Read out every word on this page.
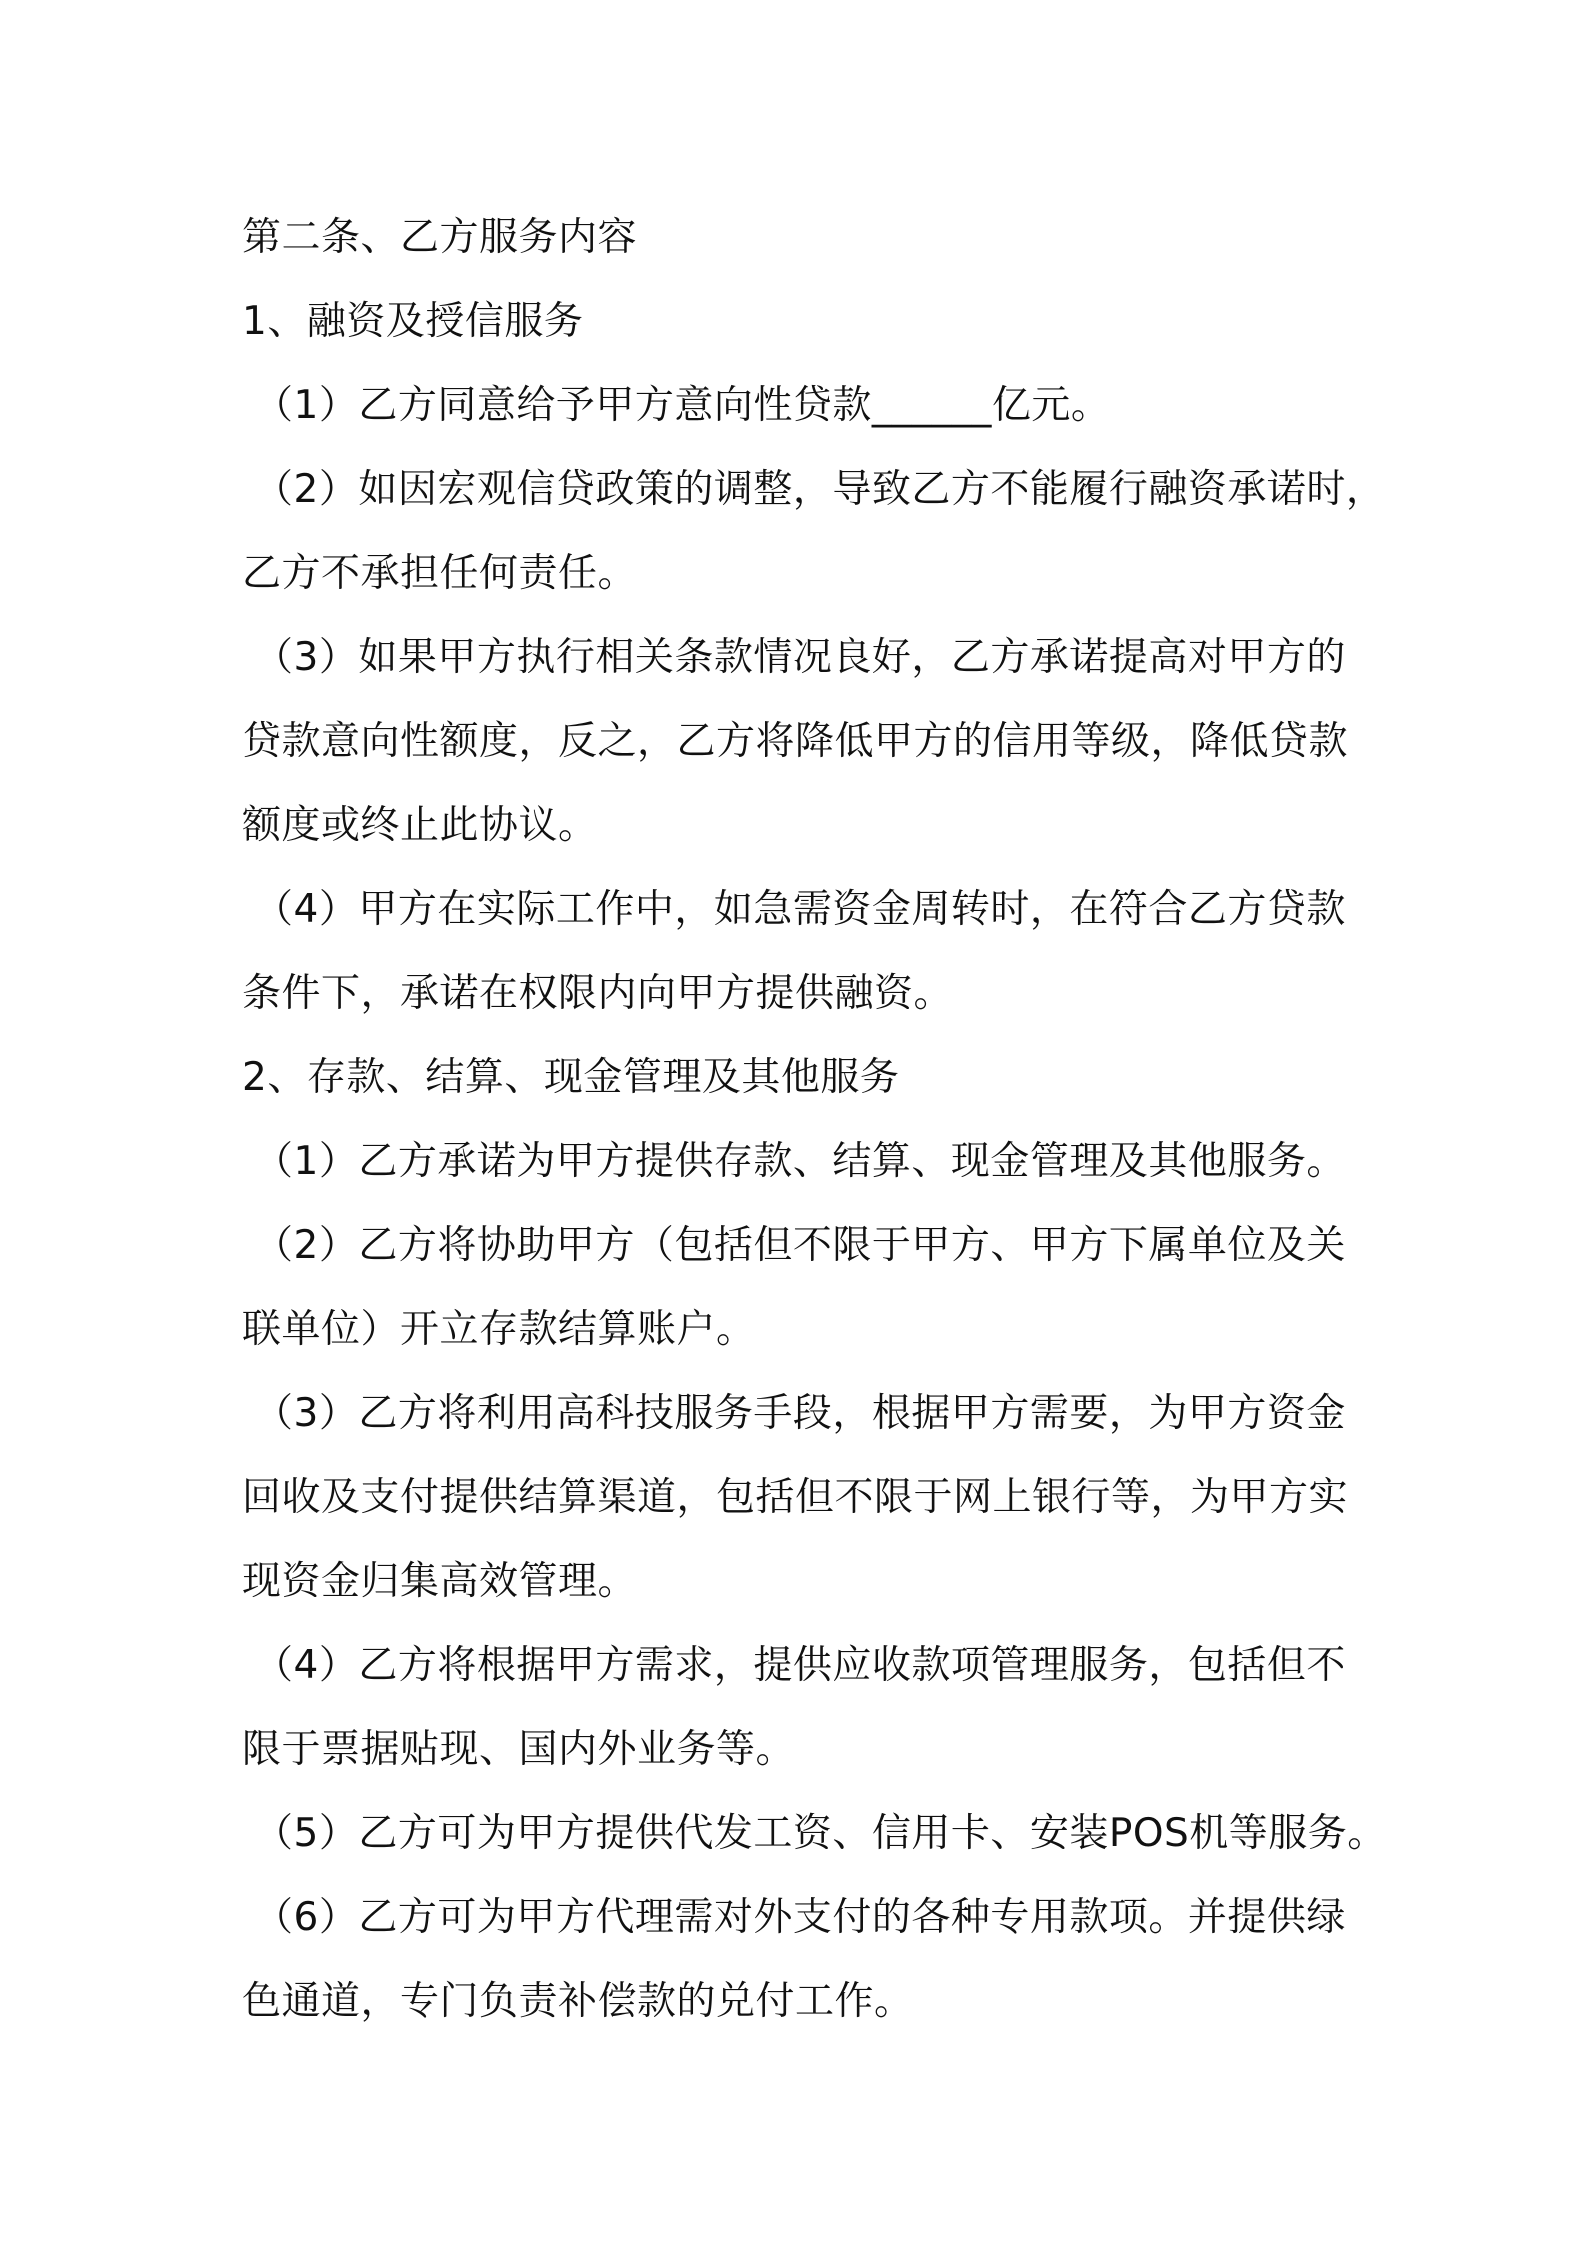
第二条、乙方服务内容
1、融资及授信服务
（1）乙方同意给予甲方意向性贷款______亿元。
（2）如因宏观信贷政策的调整，导致乙方不能履行融资承诺时，
乙方不承担任何责任。
（3）如果甲方执行相关条款情况良好，乙方承诺提高对甲方的
贷款意向性额度，反之，乙方将降低甲方的信用等级，降低贷款
额度或终止此协议。
（4）甲方在实际工作中，如急需资金周转时，在符合乙方贷款
条件下，承诺在权限内向甲方提供融资。
2、存款、结算、现金管理及其他服务
（1）乙方承诺为甲方提供存款、结算、现金管理及其他服务。
（2）乙方将协助甲方（包括但不限于甲方、甲方下属单位及关
联单位）开立存款结算账户。
（3）乙方将利用高科技服务手段，根据甲方需要，为甲方资金
回收及支付提供结算渠道，包括但不限于网上银行等，为甲方实
现资金归集高效管理。
（4）乙方将根据甲方需求，提供应收款项管理服务，包括但不
限于票据贴现、国内外业务等。
（5）乙方可为甲方提供代发工资、信用卡、安装POS机等服务。
（6）乙方可为甲方代理需对外支付的各种专用款项。并提供绿
色通道，专门负责补偿款的兑付工作。
